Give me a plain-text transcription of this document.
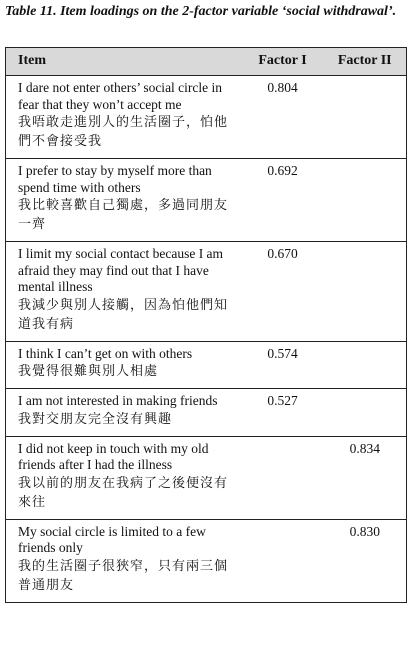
Table 11. Item loadings on the 2-factor variable ‘social withdrawal’.
Item	Factor I	Factor II

I dare not enter others’ social circle in fear that they won’t accept me
我唔敢走進別人的生活圈子，怕他們不會接受我	0.804	

I prefer to stay by myself more than spend time with others
我比較喜歡自己獨處，多過同朋友一齊	0.692	

I limit my social contact because I am afraid they may find out that I have mental illness
我減少與別人接觸，因為怕他們知道我有病	0.670	

I think I can’t get on with others
我覺得很難與別人相處	0.574	

I am not interested in making friends
我對交朋友完全沒有興趣	0.527	

I did not keep in touch with my old friends after I had the illness
我以前的朋友在我病了之後便沒有來往		0.834

My social circle is limited to a few friends only
我的生活圈子很狹窄，只有兩三個普通朋友		0.830
